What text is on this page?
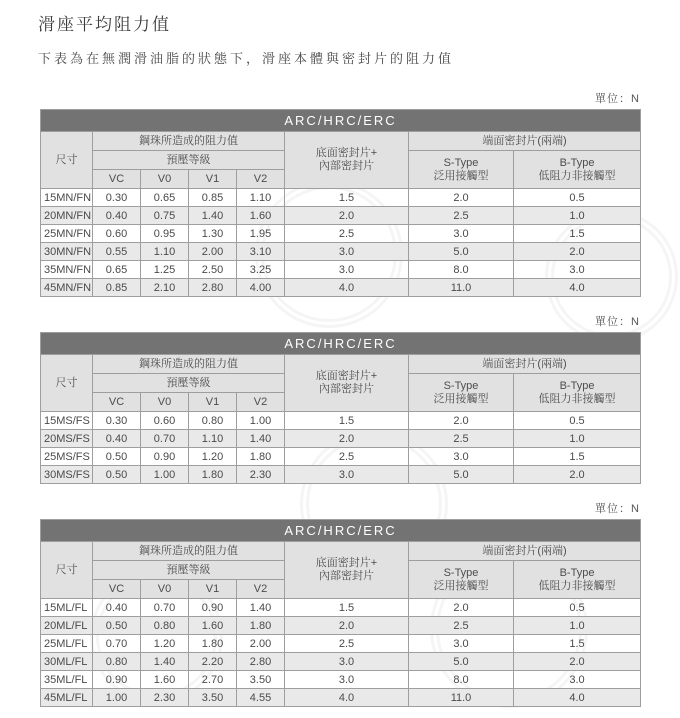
滑座平均阻力值
下表為在無潤滑油脂的狀態下，滑座本體與密封片的阻力值
單位：N
ARC/HRC/ERC							
尺寸	鋼珠所造成的阻力值				底面密封片+
內部密封片	端面密封片(兩端)	
預壓等級	S-Type
泛用接觸型

B-Type
低阻力非接觸型

	VC	V0	V1	V2			
15MN/FN	0.30	0.65	0.85	1.10	1.5	2.0	0.5
20MN/FN	0.40	0.75	1.40	1.60	2.0	2.5	1.0
25MN/FN	0.60	0.95	1.30	1.95	2.5	3.0	1.5
30MN/FN	0.55	1.10	2.00	3.10	3.0	5.0	2.0
35MN/FN	0.65	1.25	2.50	3.25	3.0	8.0	3.0
45MN/FN	0.85	2.10	2.80	4.00	4.0	11.0	4.0
單位：N
ARC/HRC/ERC							
尺寸	鋼珠所造成的阻力值				底面密封片+
內部密封片	端面密封片(兩端)	
預壓等級	S-Type
泛用接觸型

B-Type
低阻力非接觸型

	VC	V0	V1	V2			
15MS/FS	0.30	0.60	0.80	1.00	1.5	2.0	0.5
20MS/FS	0.40	0.70	1.10	1.40	2.0	2.5	1.0
25MS/FS	0.50	0.90	1.20	1.80	2.5	3.0	1.5
30MS/FS	0.50	1.00	1.80	2.30	3.0	5.0	2.0
單位：N
ARC/HRC/ERC							
尺寸	鋼珠所造成的阻力值				底面密封片+
內部密封片	端面密封片(兩端)	
預壓等級	S-Type
泛用接觸型

B-Type
低阻力非接觸型

	VC	V0	V1	V2			
15ML/FL	0.40	0.70	0.90	1.40	1.5	2.0	0.5
20ML/FL	0.50	0.80	1.60	1.80	2.0	2.5	1.0
25ML/FL	0.70	1.20	1.80	2.00	2.5	3.0	1.5
30ML/FL	0.80	1.40	2.20	2.80	3.0	5.0	2.0
35ML/FL	0.90	1.60	2.70	3.50	3.0	8.0	3.0
45ML/FL	1.00	2.30	3.50	4.55	4.0	11.0	4.0
